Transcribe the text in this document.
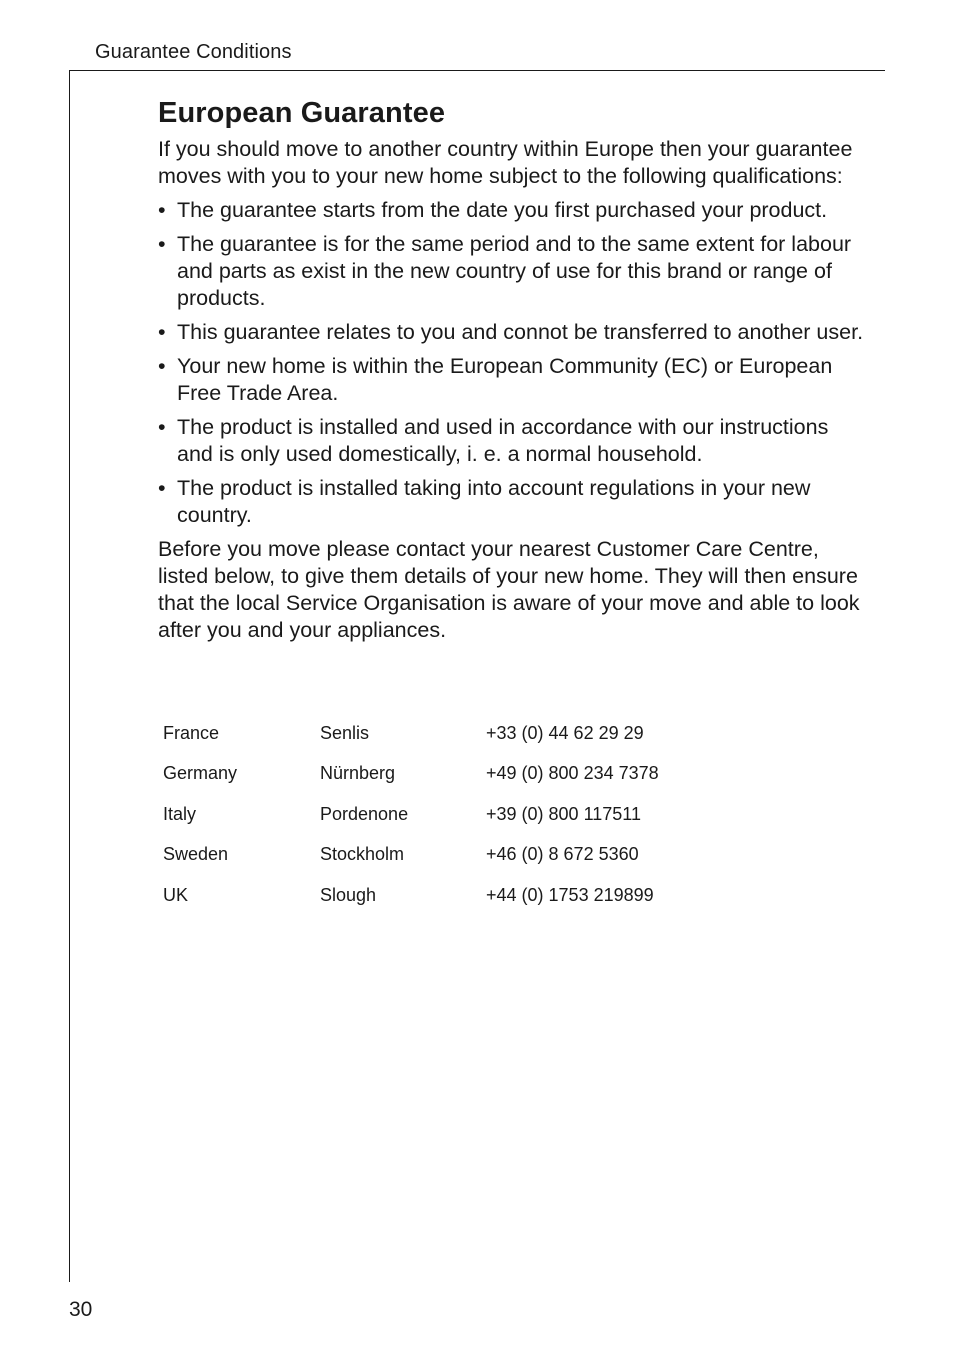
Guarantee Conditions
European Guarantee

If you should move to another country within Europe then your guarantee moves with you to your new home subject to the following qualifications:

• The guarantee starts from the date you first purchased your product.
• The guarantee is for the same period and to the same extent for labour and parts as exist in the new country of use for this brand or range of products.
• This guarantee relates to you and connot be transferred to another user.
• Your new home is within the European Community (EC) or European Free Trade Area.
• The product is installed and used in accordance with our instructions and is only used domestically, i. e. a normal household.
• The product is installed taking into account regulations in your new country.

Before you move please contact your nearest Customer Care Centre, listed below, to give them details of your new home. They will then ensure that the local Service Organisation is aware of your move and able to look after you and your appliances.

France	Senlis	+33 (0) 44 62 29 29
Germany	Nürnberg	+49 (0) 800 234 7378
Italy	Pordenone	+39 (0) 800 117511
Sweden	Stockholm	+46 (0) 8 672 5360
UK	Slough	+44 (0) 1753 219899
30
